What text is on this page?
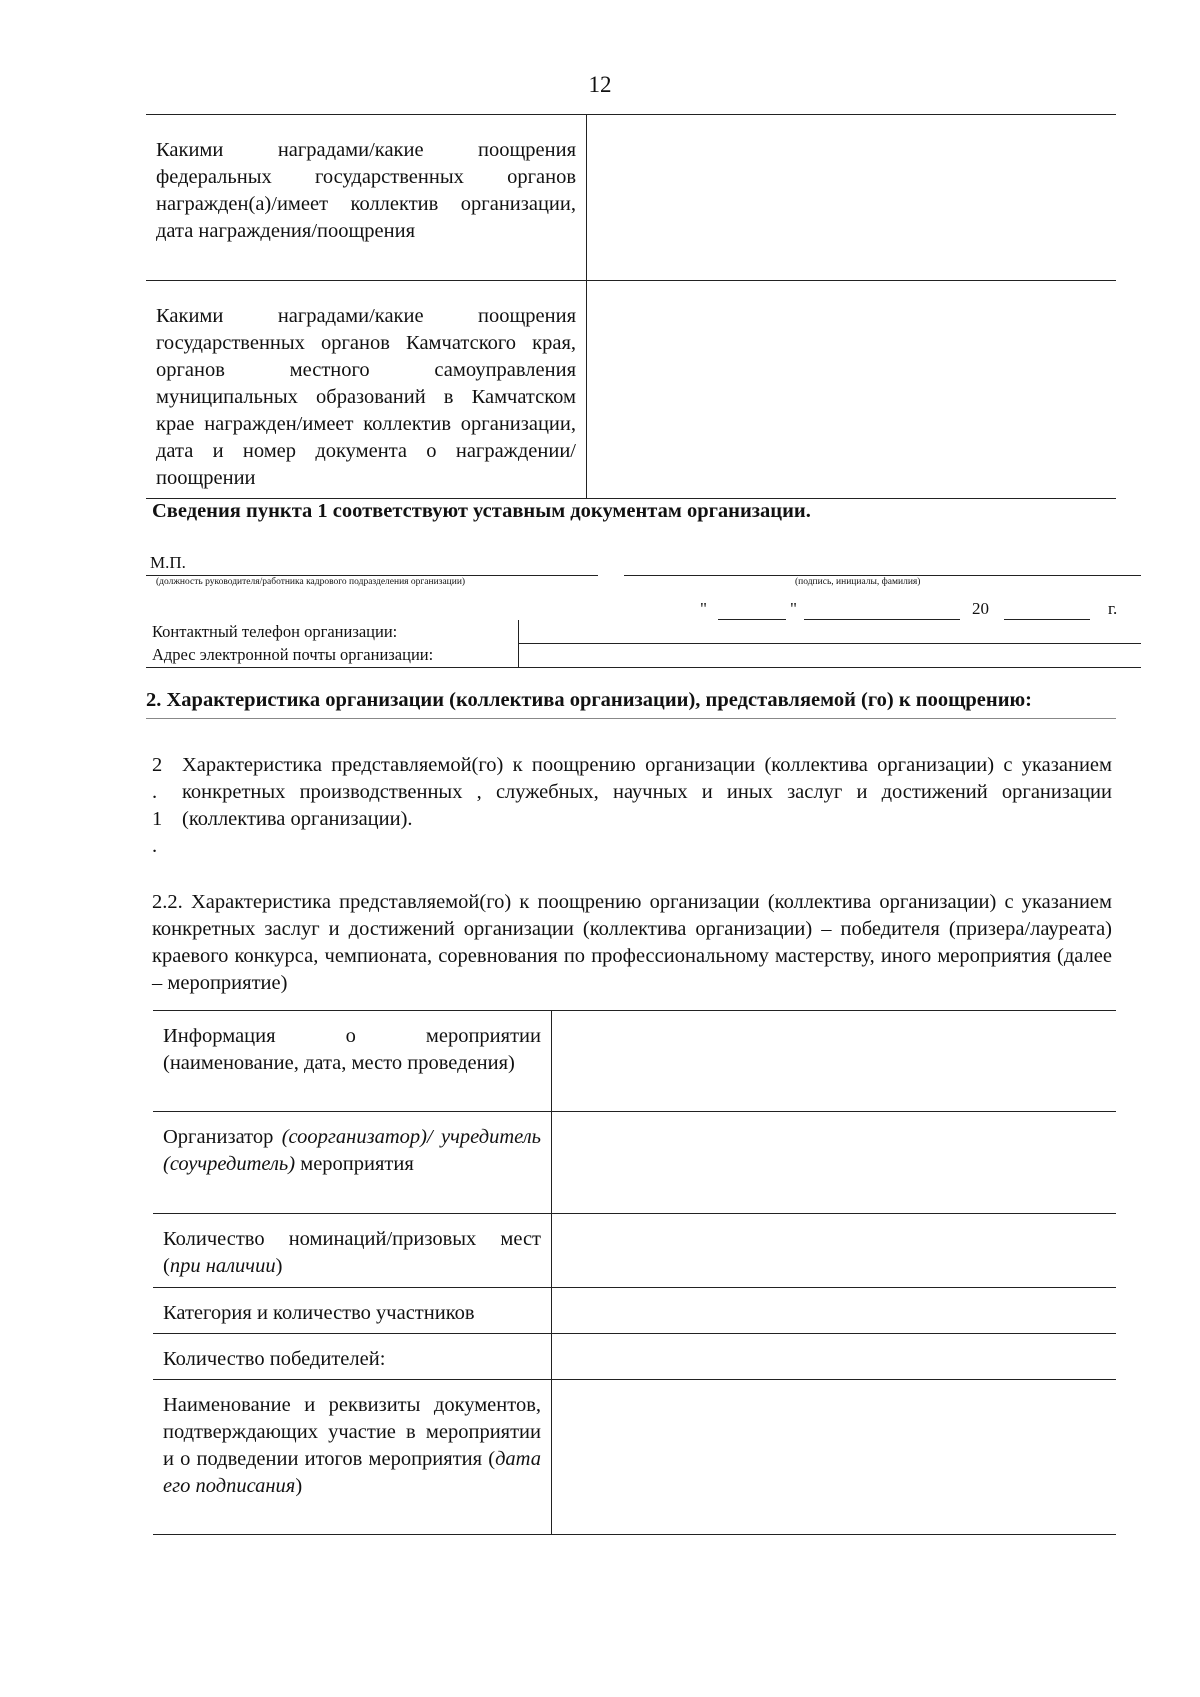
12
Какими наградами/какие поощрения федеральных государственных органов награжден(а)/имеет коллектив организации, дата награждения/поощрения	
Какими наградами/какие поощрения государственных органов Камчатского края, органов местного самоуправления муниципальных образований в Камчатском крае награжден/имеет коллектив организации, дата и номер документа о награждении/поощрении	
Сведения пункта 1 соответствуют уставным документам организации.
М.П.
(должность руководителя/работника кадрового подразделения организации)	(подпись, инициалы, фамилия)
"	"	20	г.
Контактный телефон организации:	
Адрес электронной почты организации:	
2. Характеристика организации (коллектива организации), представляемой (го) к поощрению:
2
.
1
.
Характеристика представляемой(го) к поощрению организации (коллектива организации) с указанием конкретных производственных , служебных, научных и иных заслуг и достижений организации (коллектива организации).
2.2. Характеристика представляемой(го) к поощрению организации (коллектива организации) с указанием конкретных заслуг и достижений организации (коллектива организации) – победителя (призера/лауреата) краевого конкурса, чемпионата, соревнования по профессиональному мастерству, иного мероприятия (далее – мероприятие)
Информация о мероприятии (наименование, дата, место проведения)	
Организатор (соорганизатор)/ учредитель (соучредитель) мероприятия	
Количество номинаций/призовых мест (при наличии)	
Категория и количество участников	
Количество победителей:	
Наименование и реквизиты документов, подтверждающих участие в мероприятии и о подведении итогов мероприятия (дата его подписания)	
